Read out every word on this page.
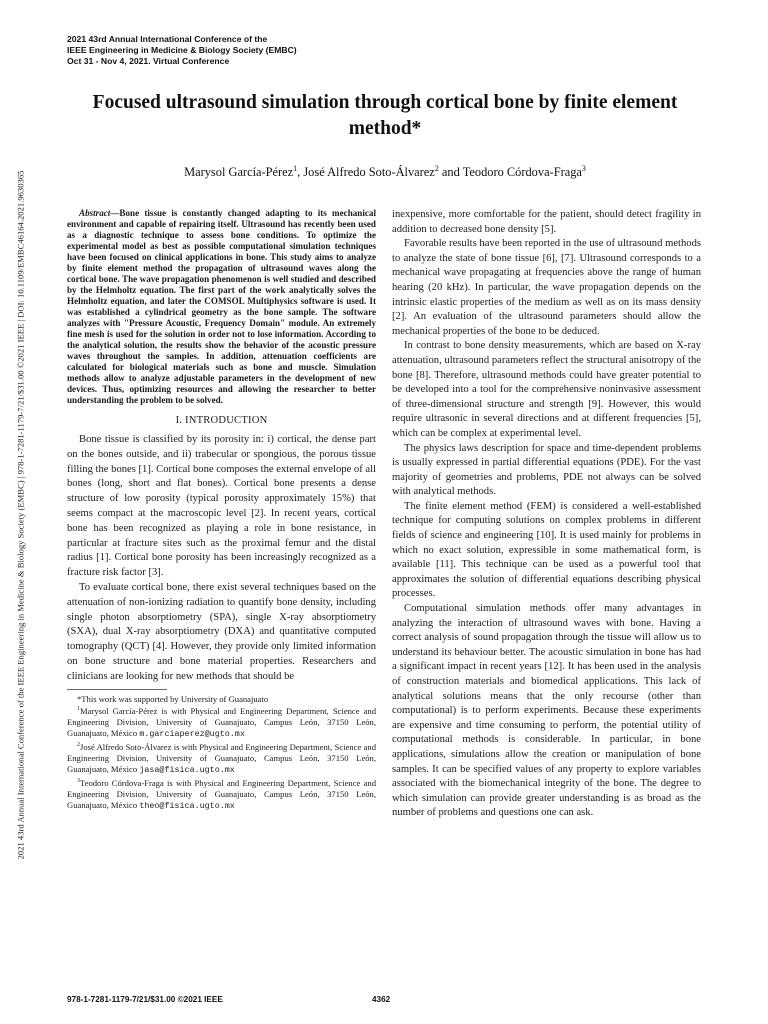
2021 43rd Annual International Conference of the IEEE Engineering in Medicine & Biology Society (EMBC) | 978-1-7281-1179-7/21/$31.00 ©2021 IEEE | DOI: 10.1109/EMBC46164.2021.9630365
2021 43rd Annual International Conference of the
IEEE Engineering in Medicine & Biology Society (EMBC)
Oct 31 - Nov 4, 2021. Virtual Conference
Focused ultrasound simulation through cortical bone by finite element
method*
Marysol García-Pérez$^1$, José Alfredo Soto-Álvarez$^2$ and Teodoro Córdova-Fraga$^3$

Abstract—Bone tissue is constantly changed adapting to its mechanical environment and capable of repairing itself. Ultrasound has recently been used as a diagnostic technique to assess bone conditions. To optimize the experimental model as best as possible computational simulation techniques have been focused on clinical applications in bone. This study aims to analyze by finite element method the propagation of ultrasound waves along the cortical bone. The wave propagation phenomenon is well studied and described by the Helmholtz equation. The first part of the work analytically solves the Helmholtz equation, and later the COMSOL Multiphysics software is used. It was established a cylindrical geometry as the bone sample. The software analyzes with "Pressure Acoustic, Frequency Domain" module. An extremely fine mesh is used for the solution in order not to lose information. According to the analytical solution, the results show the behavior of the acoustic pressure waves throughout the samples. In addition, attenuation coefficients are calculated for biological materials such as bone and muscle. Simulation methods allow to analyze adjustable parameters in the development of new devices. Thus, optimizing resources and allowing the researcher to better understanding the problem to be solved.

I. INTRODUCTION

Bone tissue is classified by its porosity in: i) cortical, the dense part on the bones outside, and ii) trabecular or spongious, the porous tissue filling the bones [1]. Cortical bone composes the external envelope of all bones (long, short and flat bones). Cortical bone presents a dense structure of low porosity (typical porosity approximately 15%) that seems compact at the macroscopic level [2]. In recent years, cortical bone has been recognized as playing a role in bone resistance, in particular at fracture sites such as the proximal femur and the distal radius [1]. Cortical bone porosity has been increasingly recognized as a fracture risk factor [3].

To evaluate cortical bone, there exist several techniques based on the attenuation of non-ionizing radiation to quantify bone density, including single photon absorptiometry (SPA), single X-ray absorptiometry (SXA), dual X-ray absorptiometry (DXA) and quantitative computed tomography (QCT) [4]. However, they provide only limited information on bone structure and bone material properties. Researchers and clinicians are looking for new methods that should be

*This work was supported by University of Guanajuato

$^1$Marysol García-Pérez is with Physical and Engineering Department, Science and Engineering Division, University of Guanajuato, Campus León, 37150 León, Guanajuato, México m.garciaperez@ugto.mx

$^2$José Alfredo Soto-Álvarez is with Physical and Engineering Department, Science and Engineering Division, University of Guanajuato, Campus León, 37150 León, Guanajuato, México jasa@fisica.ugto.mx

$^3$Teodoro Córdova-Fraga is with Physical and Engineering Department, Science and Engineering Division, University of Guanajuato, Campus León, 37150 León, Guanajuato, México theo@fisica.ugto.mx

inexpensive, more comfortable for the patient, should detect fragility in addition to decreased bone density [5].

Favorable results have been reported in the use of ultrasound methods to analyze the state of bone tissue [6], [7]. Ultrasound corresponds to a mechanical wave propagating at frequencies above the range of human hearing (20 kHz). In particular, the wave propagation depends on the intrinsic elastic properties of the medium as well as on its mass density [2]. An evaluation of the ultrasound parameters should allow the mechanical properties of the bone to be deduced.

In contrast to bone density measurements, which are based on X-ray attenuation, ultrasound parameters reflect the structural anisotropy of the bone [8]. Therefore, ultrasound methods could have greater potential to be developed into a tool for the comprehensive noninvasive assessment of three-dimensional structure and strength [9]. However, this would require ultrasonic in several directions and at different frequencies [5], which can be complex at experimental level.

The physics laws description for space and time-dependent problems is usually expressed in partial differential equations (PDE). For the vast majority of geometries and problems, PDE not always can be solved with analytical methods.

The finite element method (FEM) is considered a well-established technique for computing solutions on complex problems in different fields of science and engineering [10]. It is used mainly for problems in which no exact solution, expressible in some mathematical form, is available [11]. This technique can be used as a powerful tool that approximates the solution of differential equations describing physical processes.

Computational simulation methods offer many advantages in analyzing the interaction of ultrasound waves with bone. Having a correct analysis of sound propagation through the tissue will allow us to understand its behaviour better. The acoustic simulation in bone has had a significant impact in recent years [12]. It has been used in the analysis of construction materials and biomedical applications. This lack of analytical solutions means that the only recourse (other than computational) is to perform experiments. Because these experiments are expensive and time consuming to perform, the potential utility of computational methods is considerable. In particular, in bone applications, simulations allow the creation or manipulation of bone samples. It can be specified values of any property to explore variables associated with the biomechanical integrity of the bone. The degree to which simulation can provide greater understanding is as broad as the number of problems and questions one can ask.

978-1-7281-1179-7/21/$31.00 ©2021 IEEE	4362
